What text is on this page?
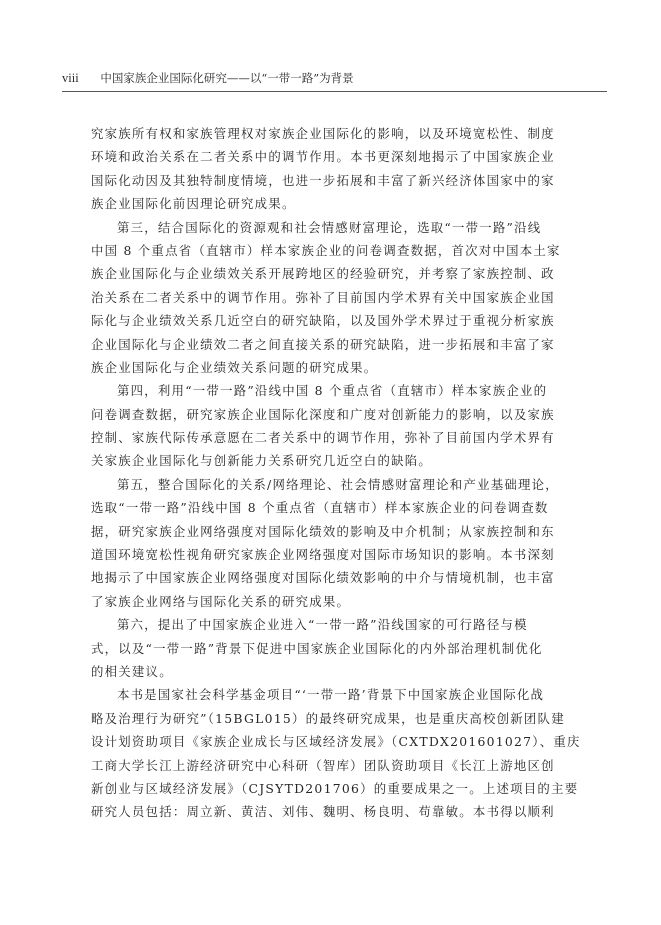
viii 中国家族企业国际化研究——以“一带一路”为背景
究家族所有权和家族管理权对家族企业国际化的影响，以及环境宽松性、制度
环境和政治关系在二者关系中的调节作用。本书更深刻地揭示了中国家族企业
国际化动因及其独特制度情境，也进一步拓展和丰富了新兴经济体国家中的家
族企业国际化前因理论研究成果。
第三，结合国际化的资源观和社会情感财富理论，选取“一带一路”沿线
中国 8 个重点省（直辖市）样本家族企业的问卷调查数据，首次对中国本土家
族企业国际化与企业绩效关系开展跨地区的经验研究，并考察了家族控制、政
治关系在二者关系中的调节作用。弥补了目前国内学术界有关中国家族企业国
际化与企业绩效关系几近空白的研究缺陷，以及国外学术界过于重视分析家族
企业国际化与企业绩效二者之间直接关系的研究缺陷，进一步拓展和丰富了家
族企业国际化与企业绩效关系问题的研究成果。
第四，利用“一带一路”沿线中国 8 个重点省（直辖市）样本家族企业的
问卷调查数据，研究家族企业国际化深度和广度对创新能力的影响，以及家族
控制、家族代际传承意愿在二者关系中的调节作用，弥补了目前国内学术界有
关家族企业国际化与创新能力关系研究几近空白的缺陷。
第五，整合国际化的关系/网络理论、社会情感财富理论和产业基础理论，
选取“一带一路”沿线中国 8 个重点省（直辖市）样本家族企业的问卷调查数
据，研究家族企业网络强度对国际化绩效的影响及中介机制；从家族控制和东
道国环境宽松性视角研究家族企业网络强度对国际市场知识的影响。本书深刻
地揭示了中国家族企业网络强度对国际化绩效影响的中介与情境机制，也丰富
了家族企业网络与国际化关系的研究成果。
第六，提出了中国家族企业进入“一带一路”沿线国家的可行路径与模
式，以及“一带一路”背景下促进中国家族企业国际化的内外部治理机制优化
的相关建议。
本书是国家社会科学基金项目“‘一带一路’背景下中国家族企业国际化战
略及治理行为研究”（15BGL015）的最终研究成果，也是重庆高校创新团队建
设计划资助项目《家族企业成长与区域经济发展》（CXTDX201601027）、重庆
工商大学长江上游经济研究中心科研（智库）团队资助项目《长江上游地区创
新创业与区域经济发展》（CJSYTD201706）的重要成果之一。上述项目的主要
研究人员包括：周立新、黄洁、刘伟、魏明、杨良明、苟靠敏。本书得以顺利
